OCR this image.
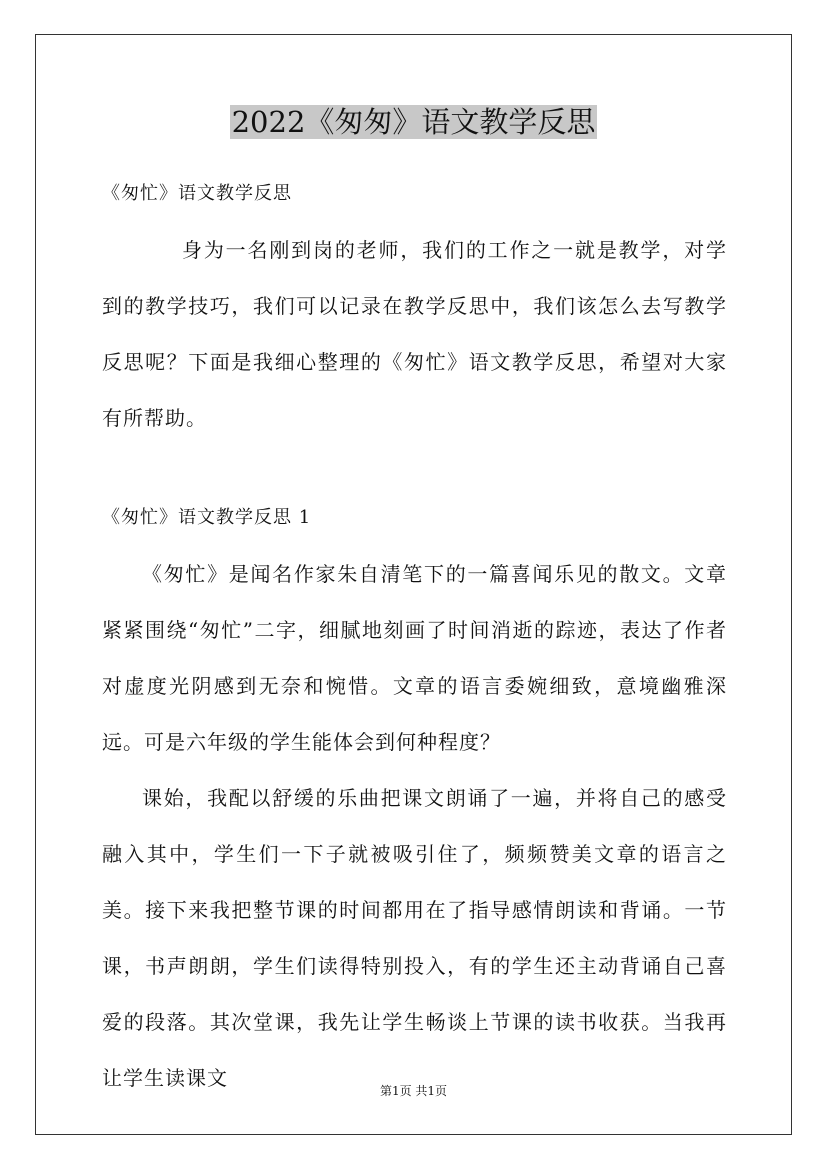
2022《匆匆》语文教学反思

《匆忙》语文教学反思

身为一名刚到岗的老师，我们的工作之一就是教学，对学到的教学技巧，我们可以记录在教学反思中，我们该怎么去写教学反思呢？下面是我细心整理的《匆忙》语文教学反思，希望对大家有所帮助。

《匆忙》语文教学反思 1

《匆忙》是闻名作家朱自清笔下的一篇喜闻乐见的散文。文章紧紧围绕“匆忙”二字，细腻地刻画了时间消逝的踪迹，表达了作者对虚度光阴感到无奈和惋惜。文章的语言委婉细致，意境幽雅深远。可是六年级的学生能体会到何种程度？

课始，我配以舒缓的乐曲把课文朗诵了一遍，并将自己的感受融入其中，学生们一下子就被吸引住了，频频赞美文章的语言之美。接下来我把整节课的时间都用在了指导感情朗读和背诵。一节课，书声朗朗，学生们读得特别投入，有的学生还主动背诵自己喜爱的段落。其次堂课，我先让学生畅谈上节课的读书收获。当我再让学生读课文

第1页 共1页
